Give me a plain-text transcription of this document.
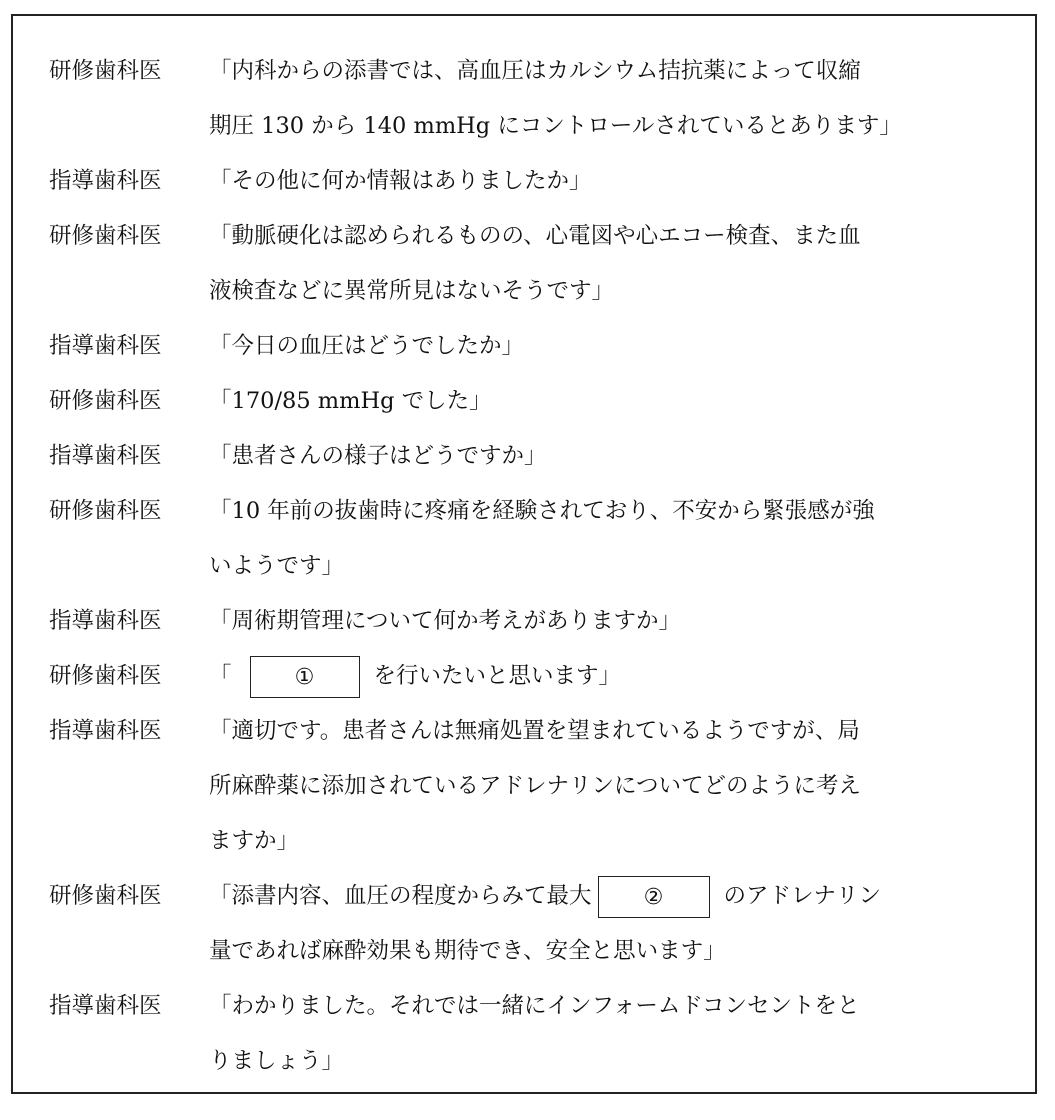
研修歯科医 「内科からの添書では、高血圧はカルシウム拮抗薬によって収縮
期圧 130 から 140 mmHg にコントロールされているとあります」
指導歯科医 「その他に何か情報はありましたか」
研修歯科医 「動脈硬化は認められるものの、心電図や心エコー検査、また血
液検査などに異常所見はないそうです」
指導歯科医 「今日の血圧はどうでしたか」
研修歯科医 「170/85 mmHg でした」
指導歯科医 「患者さんの様子はどうですか」
研修歯科医 「10 年前の抜歯時に疼痛を経験されており、不安から緊張感が強
いようです」
指導歯科医 「周術期管理について何か考えがありますか」
研修歯科医 「	①	を行いたいと思います」
指導歯科医 「適切です。患者さんは無痛処置を望まれているようですが、局
所麻酔薬に添加されているアドレナリンについてどのように考え
ますか」
研修歯科医 「添書内容、血圧の程度からみて最大 ②	のアドレナリン
量であれば麻酔効果も期待でき、安全と思います」
指導歯科医 「わかりました。それでは一緒にインフォームドコンセントをと
りましょう」
